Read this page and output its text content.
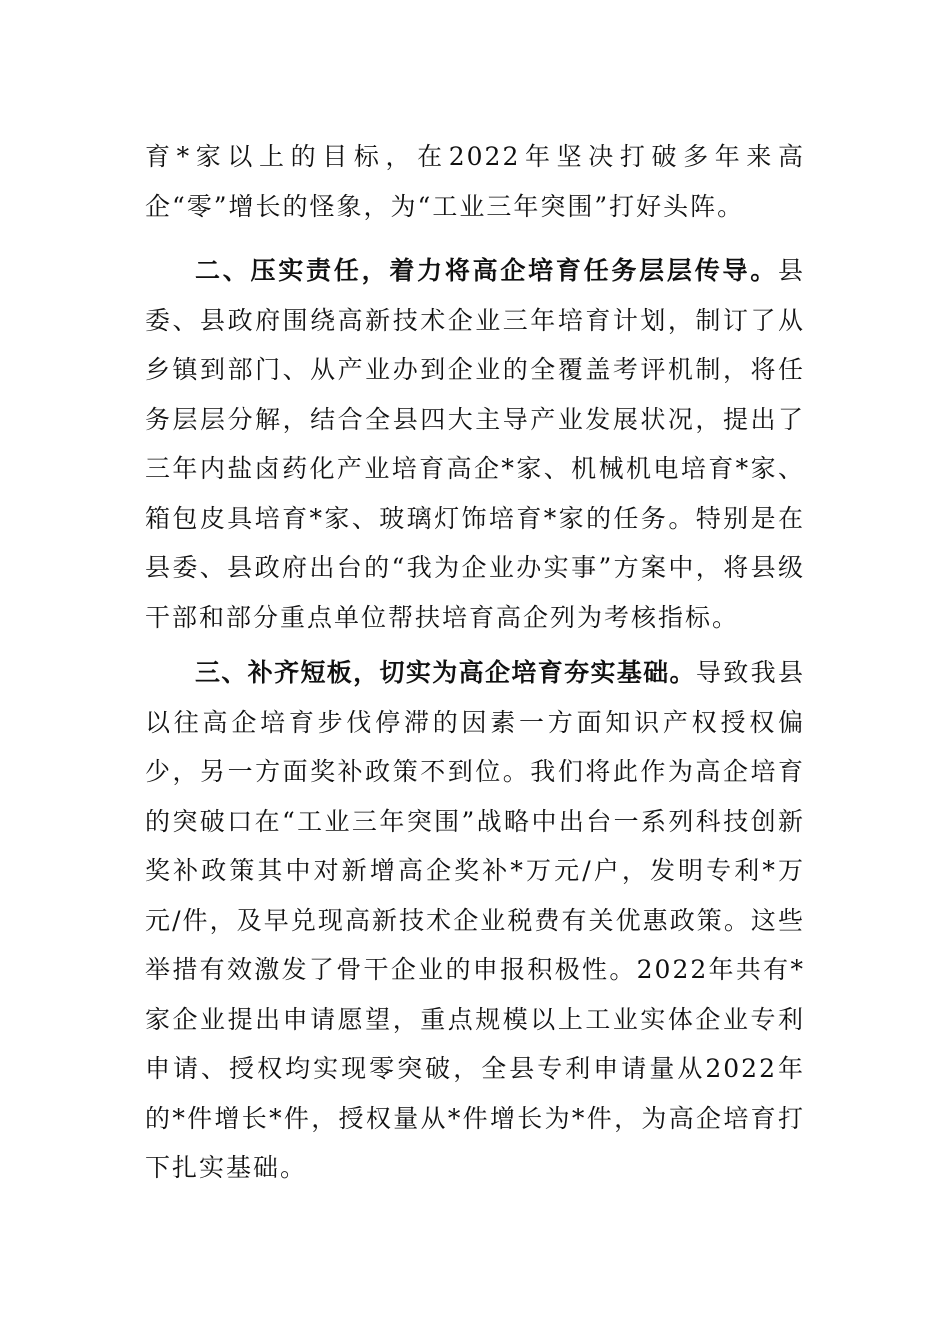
育*家以上的目标，在2022年坚决打破多年来高企“零”增长的怪象，为“工业三年突围”打好头阵。

二、压实责任，着力将高企培育任务层层传导。县委、县政府围绕高新技术企业三年培育计划，制订了从乡镇到部门、从产业办到企业的全覆盖考评机制，将任务层层分解，结合全县四大主导产业发展状况，提出了三年内盐卤药化产业培育高企*家、机械机电培育*家、箱包皮具培育*家、玻璃灯饰培育*家的任务。特别是在县委、县政府出台的“我为企业办实事”方案中，将县级干部和部分重点单位帮扶培育高企列为考核指标。

三、补齐短板，切实为高企培育夯实基础。导致我县以往高企培育步伐停滞的因素一方面知识产权授权偏少，另一方面奖补政策不到位。我们将此作为高企培育的突破口在“工业三年突围”战略中出台一系列科技创新奖补政策其中对新增高企奖补*万元/户，发明专利*万元/件，及早兑现高新技术企业税费有关优惠政策。这些举措有效激发了骨干企业的申报积极性。2022年共有*家企业提出申请愿望，重点规模以上工业实体企业专利申请、授权均实现零突破，全县专利申请量从2022年的*件增长*件，授权量从*件增长为*件，为高企培育打下扎实基础。
